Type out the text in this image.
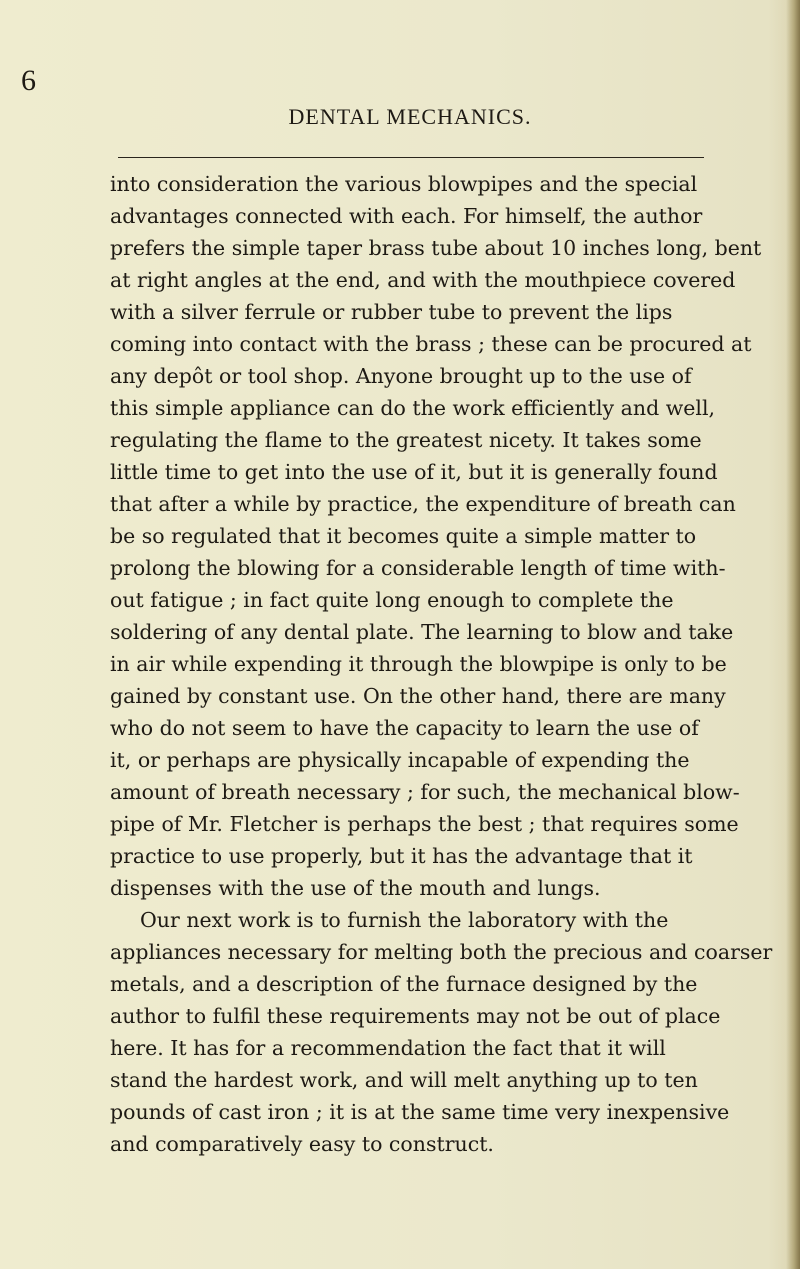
6
DENTAL MECHANICS.
into consideration the various blowpipes and the special
advantages connected with each. For himself, the author
prefers the simple taper brass tube about 10 inches long, bent
at right angles at the end, and with the mouthpiece covered
with a silver ferrule or rubber tube to prevent the lips
coming into contact with the brass ; these can be procured at
any depôt or tool shop. Anyone brought up to the use of
this simple appliance can do the work efficiently and well,
regulating the flame to the greatest nicety. It takes some
little time to get into the use of it, but it is generally found
that after a while by practice, the expenditure of breath can
be so regulated that it becomes quite a simple matter to
prolong the blowing for a considerable length of time with-
out fatigue ; in fact quite long enough to complete the
soldering of any dental plate. The learning to blow and take
in air while expending it through the blowpipe is only to be
gained by constant use. On the other hand, there are many
who do not seem to have the capacity to learn the use of
it, or perhaps are physically incapable of expending the
amount of breath necessary ; for such, the mechanical blow-
pipe of Mr. Fletcher is perhaps the best ; that requires some
practice to use properly, but it has the advantage that it
dispenses with the use of the mouth and lungs.
Our next work is to furnish the laboratory with the
appliances necessary for melting both the precious and coarser
metals, and a description of the furnace designed by the
author to fulfil these requirements may not be out of place
here. It has for a recommendation the fact that it will
stand the hardest work, and will melt anything up to ten
pounds of cast iron ; it is at the same time very inexpensive
and comparatively easy to construct.
